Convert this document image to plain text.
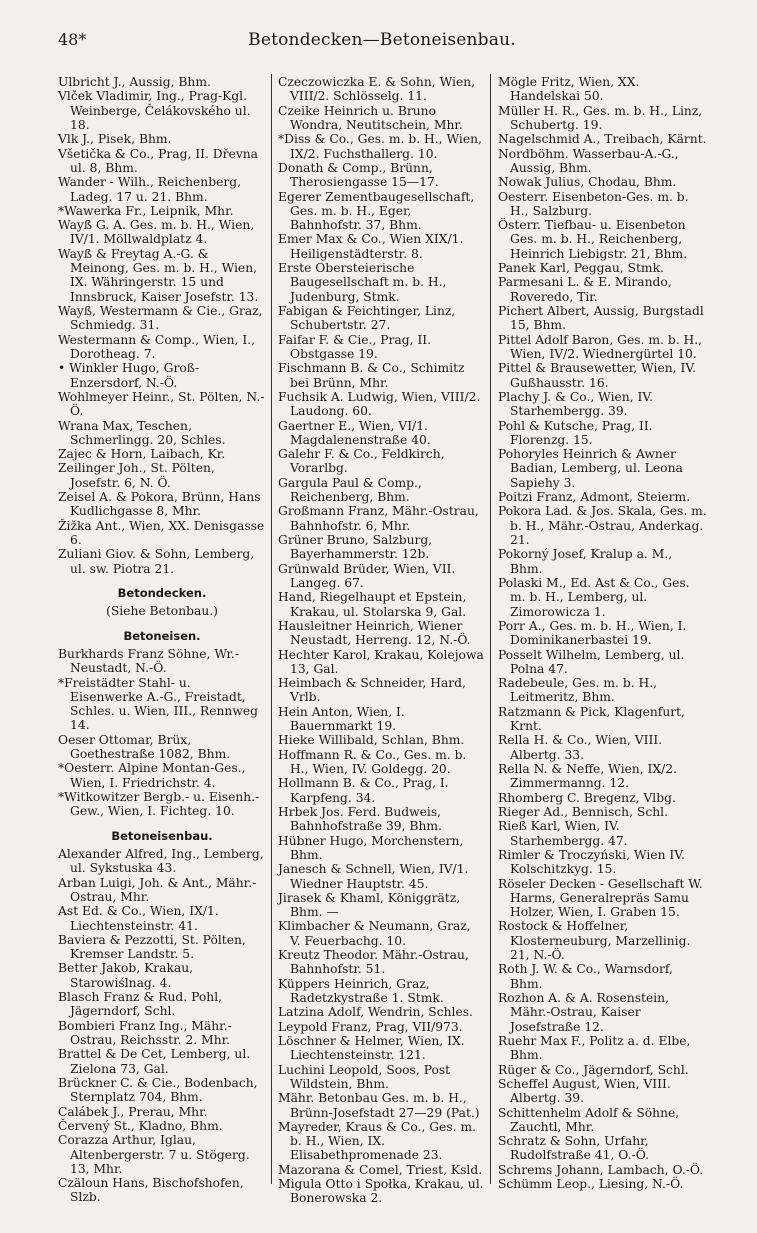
48*	Betondecken—Betoneisenbau.
Ulbricht J., Aussig, Bhm.
Vlček Vladimir, Ing., Prag-Kgl. Weinberge, Čelákovského ul. 18.
Vlk J., Pisek, Bhm.
Všetička & Co., Prag, II. Dřevna ul. 8, Bhm.
Wander - Wilh., Reichenberg, Ladeg. 17 u. 21. Bhm.
*Wawerka Fr., Leipnik, Mhr.
Wayß G. A. Ges. m. b. H., Wien, IV/1. Möllwaldplatz 4.
Wayß & Freytag A.-G. & Meinong, Ges. m. b. H., Wien, IX. Währingerstr. 15 und Innsbruck, Kaiser Josefstr. 13.
Wayß, Westermann & Cie., Graz, Schmiedg. 31.
Westermann & Comp., Wien, I., Dorotheag. 7.
• Winkler Hugo, Groß-Enzersdorf, N.-Ö.
Wohlmeyer Heinr., St. Pölten, N.-Ö.
Wrana Max, Teschen, Schmerlingg. 20, Schles.
Zajec & Horn, Laibach, Kr.
Zeilinger Joh., St. Pölten, Josefstr. 6, N. Ö.
Zeisel A. & Pokora, Brünn, Hans Kudlichgasse 8, Mhr.
Žižka Ant., Wien, XX. Denisgasse 6.
Zuliani Giov. & Sohn, Lemberg, ul. sw. Piotra 21.
Betondecken.
(Siehe Betonbau.)
Betoneisen.
Burkhards Franz Söhne, Wr.-Neustadt, N.-Ö.
*Freistädter Stahl- u. Eisenwerke A.-G., Freistadt, Schles. u. Wien, III., Rennweg 14.
Oeser Ottomar, Brüx, Goethestraße 1082, Bhm.
*Oesterr. Alpine Montan-Ges., Wien, I. Friedrichstr. 4.
*Witkowitzer Bergb.- u. Eisenh.-Gew., Wien, I. Fichteg. 10.
Betoneisenbau.
Alexander Alfred, Ing., Lemberg, ul. Sykstuska 43.
Arban Luigi, Joh. & Ant., Mähr.-Ostrau, Mhr.
Ast Ed. & Co., Wien, IX/1. Liechtensteinstr. 41.
Baviera & Pezzotti, St. Pölten, Kremser Landstr. 5.
Better Jakob, Krakau, Starowiślnag. 4.
Blasch Franz & Rud. Pohl, Jägerndorf, Schl.
Bombieri Franz Ing., Mähr.-Ostrau, Reichsstr. 2. Mhr.
Brattel & De Cet, Lemberg, ul. Zielona 73, Gal.
Brückner C. & Cie., Bodenbach, Sternplatz 704, Bhm.
Calábek J., Prerau, Mhr.
Červený St., Kladno, Bhm.
Corazza Arthur, Iglau, Altenbergerstr. 7 u. Stögerg. 13, Mhr.
Czäloun Hans, Bischofshofen, Slzb.
Czeczowiczka E. & Sohn, Wien, VIII/2. Schlösselg. 11.
Czeike Heinrich u. Bruno Wondra, Neutitschein, Mhr.
*Diss & Co., Ges. m. b. H., Wien, IX/2. Fuchsthallerg. 10.
Donath & Comp., Brünn, Therosiengasse 15—17.
Egerer Zementbaugesellschaft, Ges. m. b. H., Eger, Bahnhofstr. 37, Bhm.
Emer Max & Co., Wien XIX/1. Heiligenstädterstr. 8.
Erste Obersteierische Baugesellschaft m. b. H., Judenburg, Stmk.
Fabigan & Feichtinger, Linz, Schubertstr. 27.
Faifar F. & Cie., Prag, II. Obstgasse 19.
Fischmann B. & Co., Schimitz bei Brünn, Mhr.
Fuchsik A. Ludwig, Wien, VIII/2. Laudong. 60.
Gaertner E., Wien, VI/1. Magdalenenstraße 40.
Galehr F. & Co., Feldkirch, Vorarlbg.
Gargula Paul & Comp., Reichenberg, Bhm.
Großmann Franz, Mähr.-Ostrau, Bahnhofstr. 6, Mhr.
Grüner Bruno, Salzburg, Bayerhammerstr. 12b.
Grünwald Brüder, Wien, VII. Langeg. 67.
Hand, Riegelhaupt et Epstein, Krakau, ul. Stolarska 9, Gal.
Hausleitner Heinrich, Wiener Neustadt, Herreng. 12, N.-Ö.
Hechter Karol, Krakau, Kolejowa 13, Gal.
Heimbach & Schneider, Hard, Vrlb.
Hein Anton, Wien, I. Bauernmarkt 19.
Hieke Willibald, Schlan, Bhm.
Hoffmann R. & Co., Ges. m. b. H., Wien, IV. Goldegg. 20.
Hollmann B. & Co., Prag, I. Karpfeng. 34.
Hrbek Jos. Ferd. Budweis, Bahnhofstraße 39, Bhm.
Hübner Hugo, Morchenstern, Bhm.
Janesch & Schnell, Wien, IV/1. Wiedner Hauptstr. 45.
Jirasek & Khaml, Königgrätz, Bhm. —
Klimbacher & Neumann, Graz, V. Feuerbachg. 10.
Kreutz Theodor. Mähr.-Ostrau, Bahnhofstr. 51.
Küppers Heinrich, Graz, Radetzkystraße 1. Stmk.
Latzina Adolf, Wendrin, Schles.
Leypold Franz, Prag, VII/973.
Löschner & Helmer, Wien, IX. Liechtensteinstr. 121.
Luchini Leopold, Soos, Post Wildstein, Bhm.
Mähr. Betonbau Ges. m. b. H., Brünn-Josefstadt 27—29 (Pat.)
Mayreder, Kraus & Co., Ges. m. b. H., Wien, IX. Elisabethpromenade 23.
Mazorana & Comel, Triest, Ksld.
Migula Otto i Społka, Krakau, ul. Bonerowska 2.
Mögle Fritz, Wien, XX. Handelskai 50.
Müller H. R., Ges. m. b. H., Linz, Schubertg. 19.
Nagelschmid A., Treibach, Kärnt.
Nordböhm. Wasserbau-A.-G., Aussig, Bhm.
Nowak Julius, Chodau, Bhm.
Oesterr. Eisenbeton-Ges. m. b. H., Salzburg.
Österr. Tiefbau- u. Eisenbeton Ges. m. b. H., Reichenberg, Heinrich Liebigstr. 21, Bhm.
Panek Karl, Peggau, Stmk.
Parmesani L. & E. Mirando, Roveredo, Tir.
Pichert Albert, Aussig, Burgstadl 15, Bhm.
Pittel Adolf Baron, Ges. m. b. H., Wien, IV/2. Wiednergürtel 10.
Pittel & Brausewetter, Wien, IV. Gußhausstr. 16.
Plachy J. & Co., Wien, IV. Starhembergg. 39.
Pohl & Kutsche, Prag, II. Florenzg. 15.
Pohoryles Heinrich & Awner Badian, Lemberg, ul. Leona Sapiehy 3.
Poitzi Franz, Admont, Steierm.
Pokora Lad. & Jos. Skala, Ges. m. b. H., Mähr.-Ostrau, Anderkag. 21.
Pokorný Josef, Kralup a. M., Bhm.
Polaski M., Ed. Ast & Co., Ges. m. b. H., Lemberg, ul. Zimorowicza 1.
Porr A., Ges. m. b. H., Wien, I. Dominikanerbastei 19.
Posselt Wilhelm, Lemberg, ul. Polna 47.
Radebeule, Ges. m. b. H., Leitmeritz, Bhm.
Ratzmann & Pick, Klagenfurt, Krnt.
Rella H. & Co., Wien, VIII. Albertg. 33.
Rella N. & Neffe, Wien, IX/2. Zimmermanng. 12.
Rhomberg C. Bregenz, Vlbg.
Rieger Ad., Bennisch, Schl.
Rieß Karl, Wien, IV. Starhembergg. 47.
Rimler & Troczyński, Wien IV. Kolschitzkyg. 15.
Röseler Decken - Gesellschaft W. Harms, Generalrepräs Samu Holzer, Wien, I. Graben 15.
Rostock & Hoffelner, Klosterneuburg, Marzellinig. 21, N.-Ö.
Roth J. W. & Co., Warnsdorf, Bhm.
Rozhon A. & A. Rosenstein, Mähr.-Ostrau, Kaiser Josefstraße 12.
Ruehr Max F., Politz a. d. Elbe, Bhm.
Rüger & Co., Jägerndorf, Schl.
Scheffel August, Wien, VIII. Albertg. 39.
Schittenhelm Adolf & Söhne, Zauchtl, Mhr.
Schratz & Sohn, Urfahr, Rudolfstraße 41, O.-Ö.
Schrems Johann, Lambach, O.-Ö.
Schümm Leop., Liesing, N.-Ö.
